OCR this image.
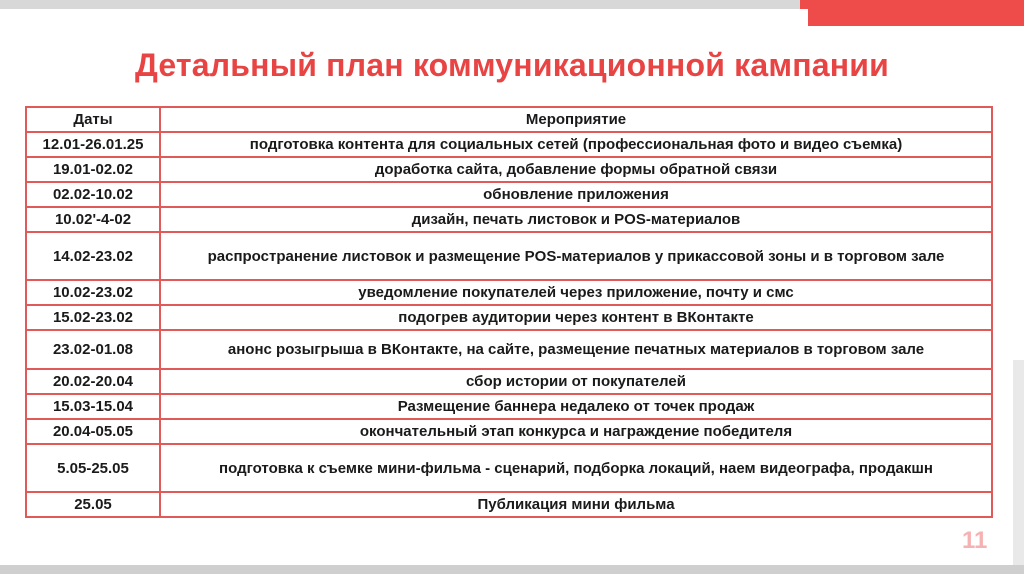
Детальный план коммуникационной кампании
Даты	Мероприятие
12.01-26.01.25	подготовка контента для социальных сетей (профессиональная фото и видео съемка)
19.01-02.02	доработка сайта, добавление формы обратной связи
02.02-10.02	обновление приложения
10.02'-4-02	дизайн, печать листовок и POS-материалов
14.02-23.02	распространение листовок и размещение POS-материалов у прикассовой зоны и в торговом зале
10.02-23.02	уведомление покупателей через приложение, почту и смс
15.02-23.02	подогрев аудитории через контент в ВКонтакте
23.02-01.08	анонс розыгрыша в ВКонтакте, на сайте, размещение печатных материалов в торговом зале
20.02-20.04	сбор истории от покупателей
15.03-15.04	Размещение баннера недалеко от точек продаж
20.04-05.05	окончательный этап конкурса и награждение победителя
5.05-25.05	подготовка к съемке мини-фильма - сценарий, подборка локаций, наем видеографа, продакшн
25.05	Публикация мини фильма
11
